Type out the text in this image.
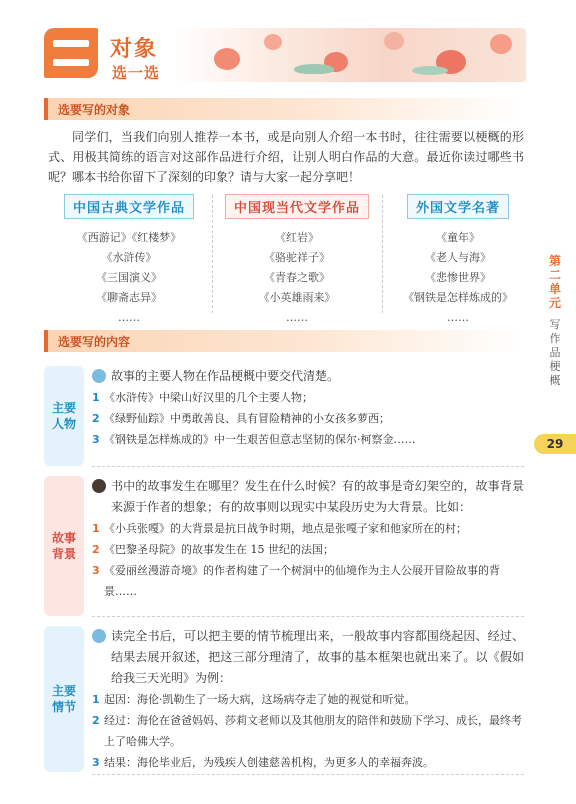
对象
选一选
选要写的对象

同学们，当我们向别人推荐一本书，或是向别人介绍一本书时，往往需要以梗概的形式、用极其简练的语言对这部作品进行介绍，让别人明白作品的大意。最近你读过哪些书呢？哪本书给你留下了深刻的印象？请与大家一起分享吧！

中国古典文学作品
《西游记》《红楼梦》
《水浒传》
《三国演义》
《聊斋志异》
……
中国现当代文学作品
《红岩》
《骆驼祥子》
《青春之歌》
《小英雄雨来》
……
外国文学名著
《童年》
《老人与海》
《悲惨世界》
《钢铁是怎样炼成的》
……
第二单元
写作品梗概
29
选要写的内容
主要人物
故事的主要人物在作品梗概中要交代清楚。
1 《水浒传》中梁山好汉里的几个主要人物；
2 《绿野仙踪》中勇敢善良、具有冒险精神的小女孩多萝西；
3 《钢铁是怎样炼成的》中一生艰苦但意志坚韧的保尔·柯察金……
故事背景
书中的故事发生在哪里？发生在什么时候？有的故事是奇幻架空的，故事背景来源于作者的想象；有的故事则以现实中某段历史为大背景。比如：
1 《小兵张嘎》的大背景是抗日战争时期，地点是张嘎子家和他家所在的村；
2 《巴黎圣母院》的故事发生在 15 世纪的法国；
3 《爱丽丝漫游奇境》的作者构建了一个树洞中的仙境作为主人公展开冒险故事的背景……
主要情节
读完全书后，可以把主要的情节梳理出来，一般故事内容都围绕起因、经过、结果去展开叙述，把这三部分理清了，故事的基本框架也就出来了。以《假如给我三天光明》为例：
1 起因：海伦·凯勒生了一场大病，这场病夺走了她的视觉和听觉。
2 经过：海伦在爸爸妈妈、莎莉文老师以及其他朋友的陪伴和鼓励下学习、成长，最终考上了哈佛大学。
3 结果：海伦毕业后，为残疾人创建慈善机构，为更多人的幸福奔波。
